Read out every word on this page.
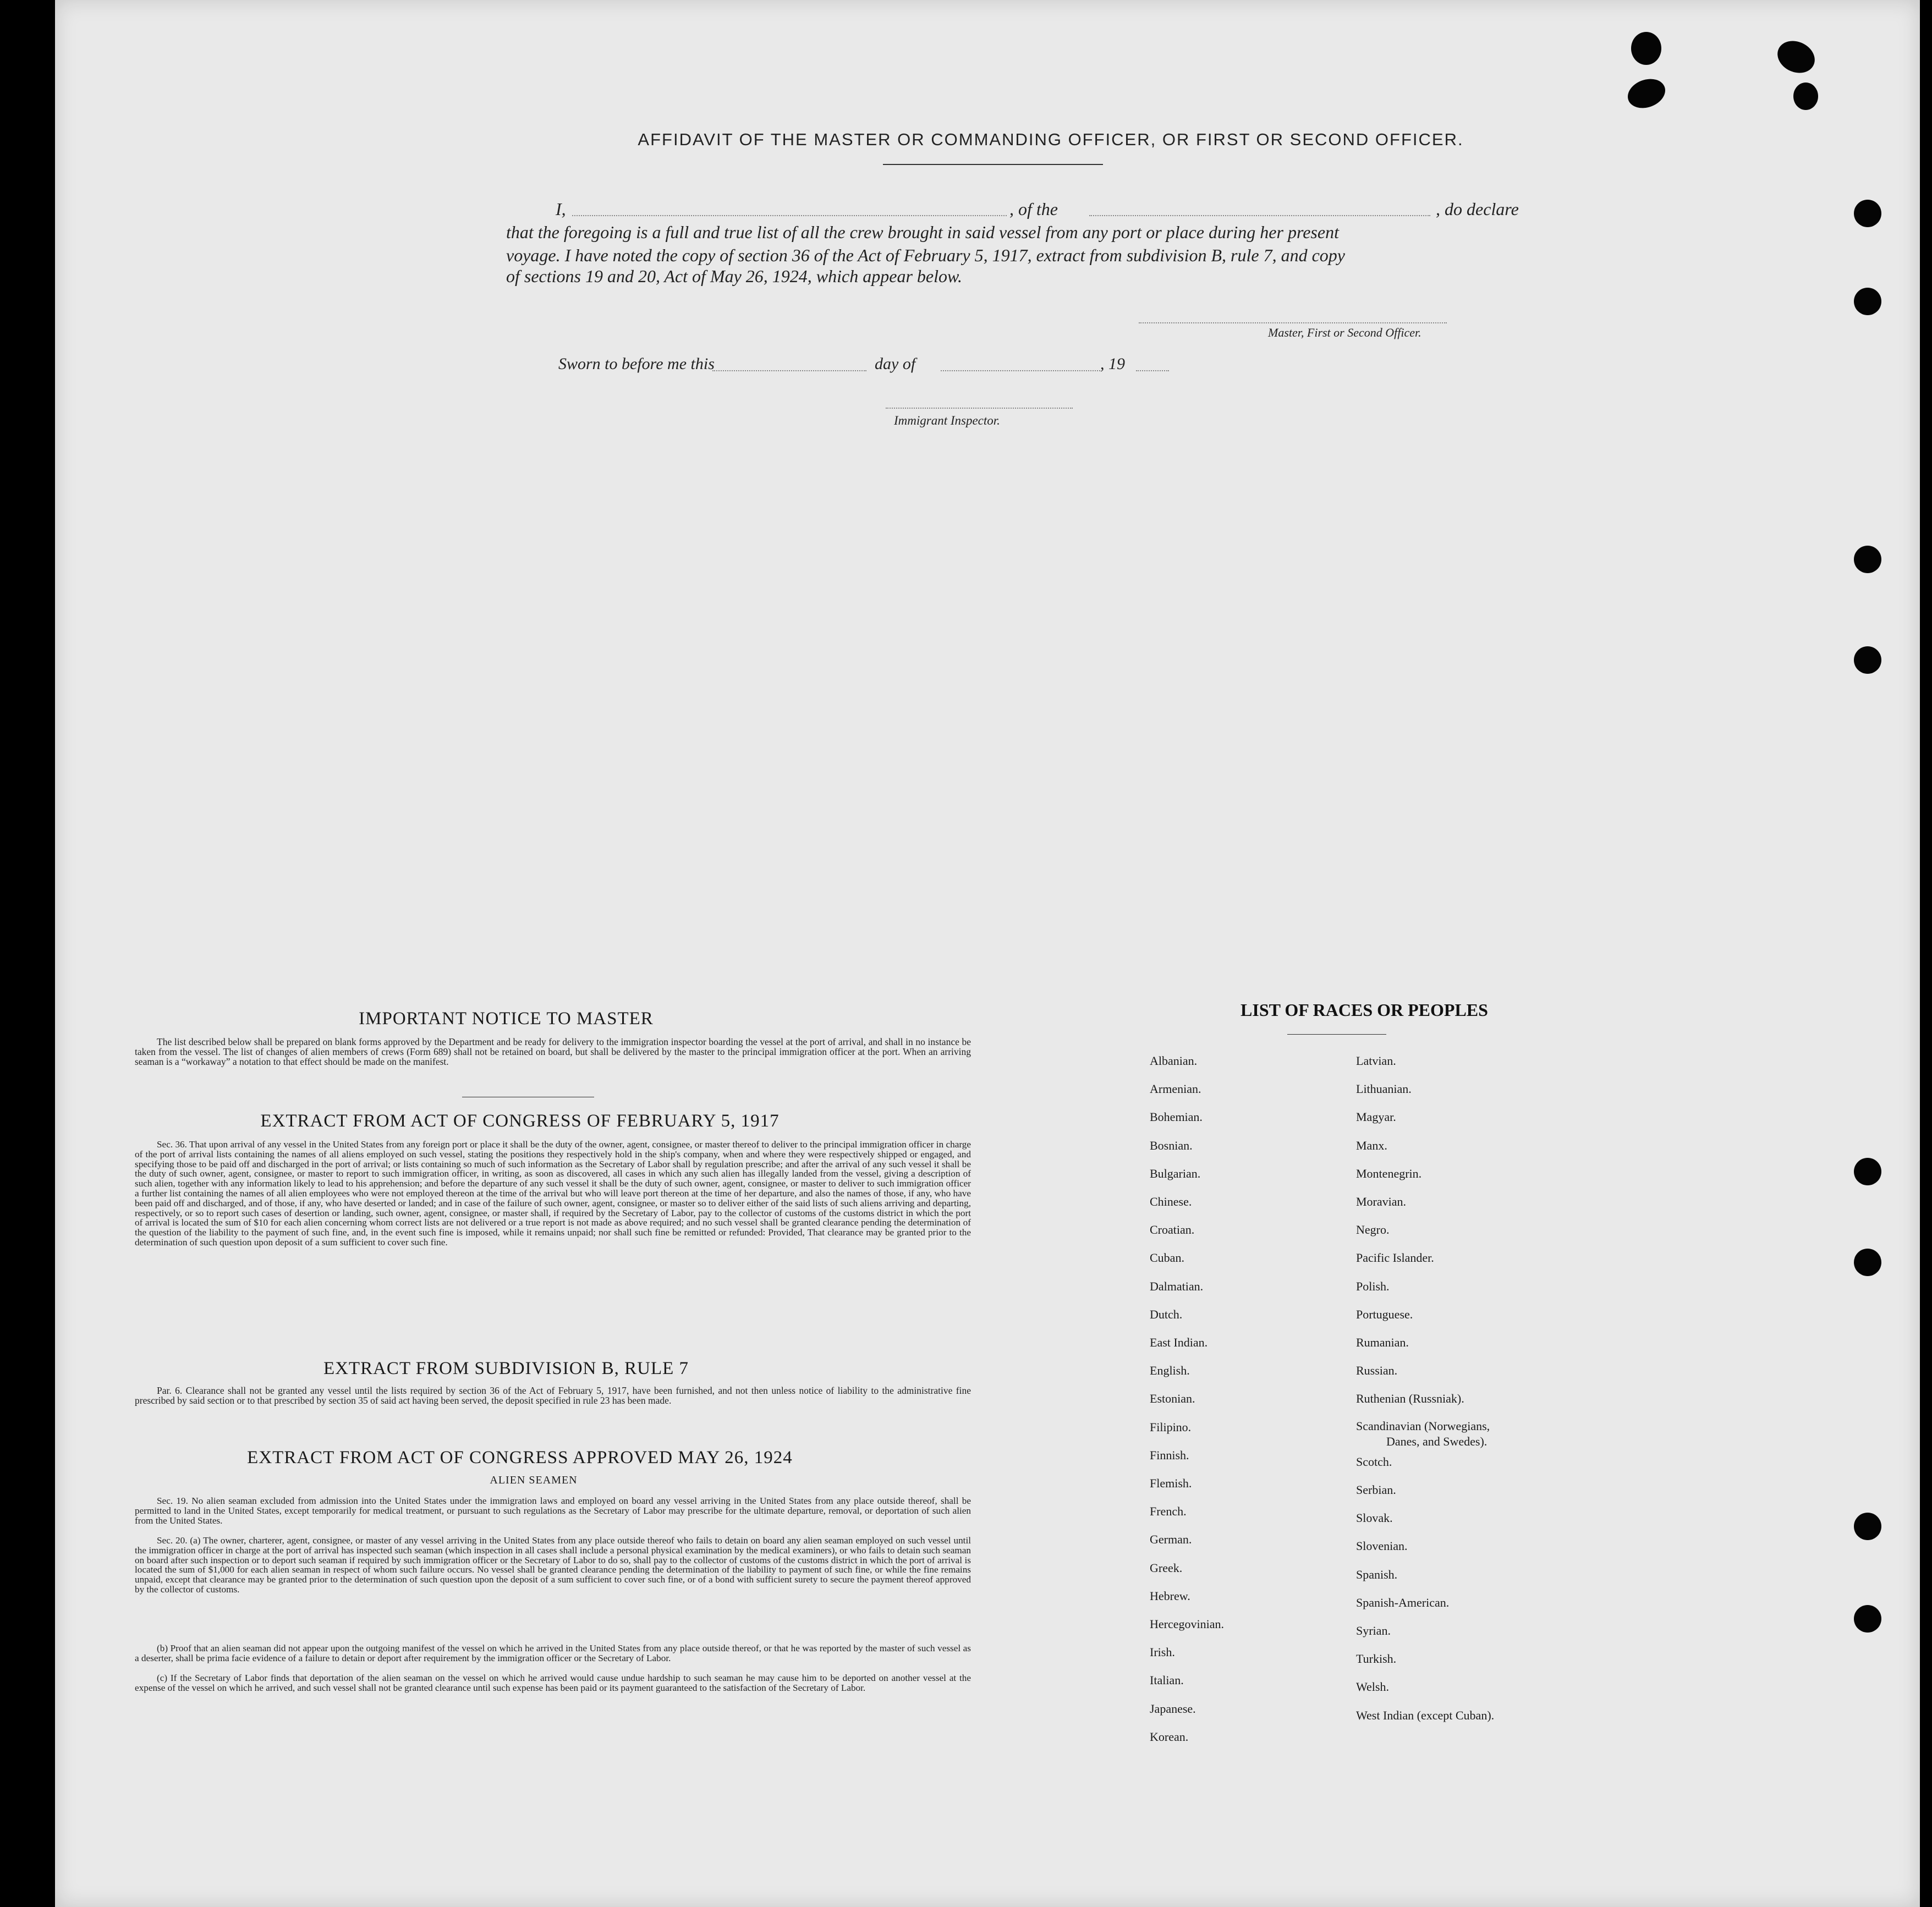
AFFIDAVIT OF THE MASTER OR COMMANDING OFFICER, OR FIRST OR SECOND OFFICER.
I,	, of the	, do declare
that the foregoing is a full and true list of all the crew brought in said vessel from any port or place during her present
voyage. I have noted the copy of section 36 of the Act of February 5, 1917, extract from subdivision B, rule 7, and copy
of sections 19 and 20, Act of May 26, 1924, which appear below.
Master, First or Second Officer.
Sworn to before me this	day of	, 19
Immigrant Inspector.
IMPORTANT NOTICE TO MASTER
The list described below shall be prepared on blank forms approved by the Department and be ready for delivery to the immigration inspector boarding the vessel at the port of arrival, and shall in no instance be taken from the vessel. The list of changes of alien members of crews (Form 689) shall not be retained on board, but shall be delivered by the master to the principal immigration officer at the port. When an arriving seaman is a “workaway” a notation to that effect should be made on the manifest.
EXTRACT FROM ACT OF CONGRESS OF FEBRUARY 5, 1917
Sec. 36. That upon arrival of any vessel in the United States from any foreign port or place it shall be the duty of the owner, agent, consignee, or master thereof to deliver to the principal immigration officer in charge of the port of arrival lists containing the names of all aliens employed on such vessel, stating the positions they respectively hold in the ship's company, when and where they were respectively shipped or engaged, and specifying those to be paid off and discharged in the port of arrival; or lists containing so much of such information as the Secretary of Labor shall by regulation prescribe; and after the arrival of any such vessel it shall be the duty of such owner, agent, consignee, or master to report to such immigration officer, in writing, as soon as discovered, all cases in which any such alien has illegally landed from the vessel, giving a description of such alien, together with any information likely to lead to his apprehension; and before the departure of any such vessel it shall be the duty of such owner, agent, consignee, or master to deliver to such immigration officer a further list containing the names of all alien employees who were not employed thereon at the time of the arrival but who will leave port thereon at the time of her departure, and also the names of those, if any, who have been paid off and discharged, and of those, if any, who have deserted or landed; and in case of the failure of such owner, agent, consignee, or master so to deliver either of the said lists of such aliens arriving and departing, respectively, or so to report such cases of desertion or landing, such owner, agent, consignee, or master shall, if required by the Secretary of Labor, pay to the collector of customs of the customs district in which the port of arrival is located the sum of $10 for each alien concerning whom correct lists are not delivered or a true report is not made as above required; and no such vessel shall be granted clearance pending the determination of the question of the liability to the payment of such fine, and, in the event such fine is imposed, while it remains unpaid; nor shall such fine be remitted or refunded: Provided, That clearance may be granted prior to the determination of such question upon deposit of a sum sufficient to cover such fine.
EXTRACT FROM SUBDIVISION B, RULE 7
Par. 6. Clearance shall not be granted any vessel until the lists required by section 36 of the Act of February 5, 1917, have been furnished, and not then unless notice of liability to the administrative fine prescribed by said section or to that prescribed by section 35 of said act having been served, the deposit specified in rule 23 has been made.
EXTRACT FROM ACT OF CONGRESS APPROVED MAY 26, 1924
ALIEN SEAMEN
Sec. 19. No alien seaman excluded from admission into the United States under the immigration laws and employed on board any vessel arriving in the United States from any place outside thereof, shall be permitted to land in the United States, except temporarily for medical treatment, or pursuant to such regulations as the Secretary of Labor may prescribe for the ultimate departure, removal, or deportation of such alien from the United States.
Sec. 20. (a) The owner, charterer, agent, consignee, or master of any vessel arriving in the United States from any place outside thereof who fails to detain on board any alien seaman employed on such vessel until the immigration officer in charge at the port of arrival has inspected such seaman (which inspection in all cases shall include a personal physical examination by the medical examiners), or who fails to detain such seaman on board after such inspection or to deport such seaman if required by such immigration officer or the Secretary of Labor to do so, shall pay to the collector of customs of the customs district in which the port of arrival is located the sum of $1,000 for each alien seaman in respect of whom such failure occurs. No vessel shall be granted clearance pending the determination of the liability to payment of such fine, or while the fine remains unpaid, except that clearance may be granted prior to the determination of such question upon the deposit of a sum sufficient to cover such fine, or of a bond with sufficient surety to secure the payment thereof approved by the collector of customs.
(b) Proof that an alien seaman did not appear upon the outgoing manifest of the vessel on which he arrived in the United States from any place outside thereof, or that he was reported by the master of such vessel as a deserter, shall be prima facie evidence of a failure to detain or deport after requirement by the immigration officer or the Secretary of Labor.
(c) If the Secretary of Labor finds that deportation of the alien seaman on the vessel on which he arrived would cause undue hardship to such seaman he may cause him to be deported on another vessel at the expense of the vessel on which he arrived, and such vessel shall not be granted clearance until such expense has been paid or its payment guaranteed to the satisfaction of the Secretary of Labor.
LIST OF RACES OR PEOPLES
Albanian.
Armenian.
Bohemian.
Bosnian.
Bulgarian.
Chinese.
Croatian.
Cuban.
Dalmatian.
Dutch.
East Indian.
English.
Estonian.
Filipino.
Finnish.
Flemish.
French.
German.
Greek.
Hebrew.
Hercegovinian.
Irish.
Italian.
Japanese.
Korean.
Latvian.
Lithuanian.
Magyar.
Manx.
Montenegrin.
Moravian.
Negro.
Pacific Islander.
Polish.
Portuguese.
Rumanian.
Russian.
Ruthenian (Russniak).
Scandinavian (Norwegians,
Danes, and Swedes).
Scotch.
Serbian.
Slovak.
Slovenian.
Spanish.
Spanish-American.
Syrian.
Turkish.
Welsh.
West Indian (except Cuban).
